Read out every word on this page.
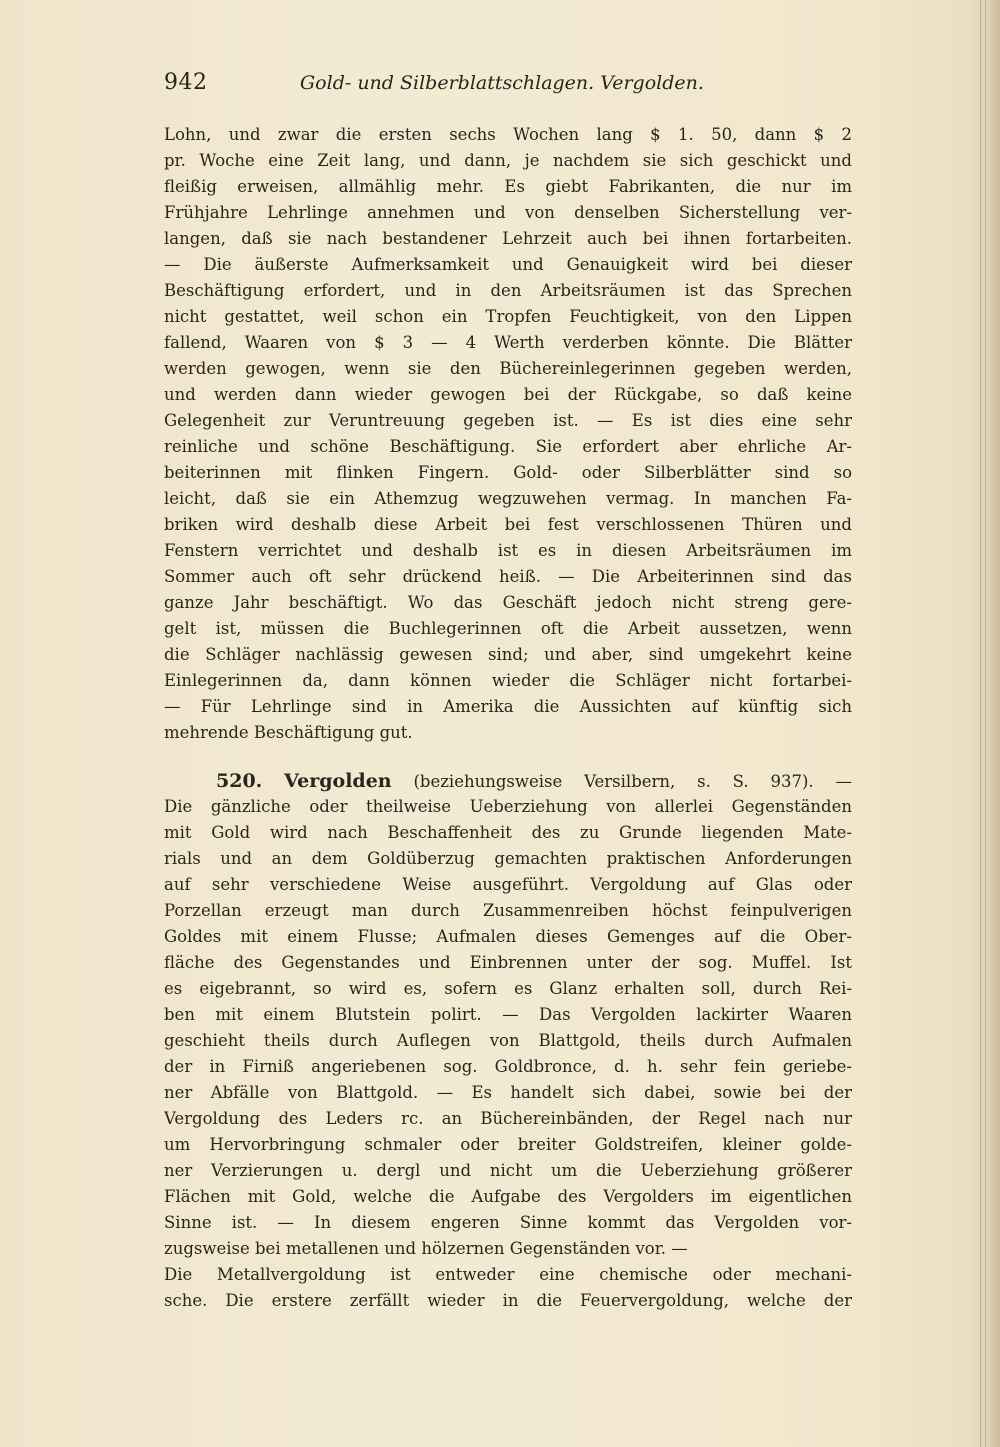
942	Gold- und Silberblattschlagen. Vergolden.
Lohn, und zwar die ersten sechs Wochen lang $ 1. 50, dann $ 2
pr. Woche eine Zeit lang, und dann, je nachdem sie sich geschickt und
fleißig erweisen, allmählig mehr. Es giebt Fabrikanten, die nur im
Frühjahre Lehrlinge annehmen und von denselben Sicherstellung ver-
langen, daß sie nach bestandener Lehrzeit auch bei ihnen fortarbeiten.
— Die äußerste Aufmerksamkeit und Genauigkeit wird bei dieser
Beschäftigung erfordert, und in den Arbeitsräumen ist das Sprechen
nicht gestattet, weil schon ein Tropfen Feuchtigkeit, von den Lippen
fallend, Waaren von $ 3 — 4 Werth verderben könnte. Die Blätter
werden gewogen, wenn sie den Büchereinlegerinnen gegeben werden,
und werden dann wieder gewogen bei der Rückgabe, so daß keine
Gelegenheit zur Veruntreuung gegeben ist. — Es ist dies eine sehr
reinliche und schöne Beschäftigung. Sie erfordert aber ehrliche Ar-
beiterinnen mit flinken Fingern. Gold- oder Silberblätter sind so
leicht, daß sie ein Athemzug wegzuwehen vermag. In manchen Fa-
briken wird deshalb diese Arbeit bei fest verschlossenen Thüren und
Fenstern verrichtet und deshalb ist es in diesen Arbeitsräumen im
Sommer auch oft sehr drückend heiß. — Die Arbeiterinnen sind das
ganze Jahr beschäftigt. Wo das Geschäft jedoch nicht streng gere-
gelt ist, müssen die Buchlegerinnen oft die Arbeit aussetzen, wenn
die Schläger nachlässig gewesen sind; und aber, sind umgekehrt keine
Einlegerinnen da, dann können wieder die Schläger nicht fortarbei-
— Für Lehrlinge sind in Amerika die Aussichten auf künftig sich
mehrende Beschäftigung gut.
520. Vergolden (beziehungsweise Versilbern, s. S. 937). —
Die gänzliche oder theilweise Ueberziehung von allerlei Gegenständen
mit Gold wird nach Beschaffenheit des zu Grunde liegenden Mate-
rials und an dem Goldüberzug gemachten praktischen Anforderungen
auf sehr verschiedene Weise ausgeführt. Vergoldung auf Glas oder
Porzellan erzeugt man durch Zusammenreiben höchst feinpulverigen
Goldes mit einem Flusse; Aufmalen dieses Gemenges auf die Ober-
fläche des Gegenstandes und Einbrennen unter der sog. Muffel. Ist
es eigebrannt, so wird es, sofern es Glanz erhalten soll, durch Rei-
ben mit einem Blutstein polirt. — Das Vergolden lackirter Waaren
geschieht theils durch Auflegen von Blattgold, theils durch Aufmalen
der in Firniß angeriebenen sog. Goldbronce, d. h. sehr fein geriebe-
ner Abfälle von Blattgold. — Es handelt sich dabei, sowie bei der
Vergoldung des Leders rc. an Büchereinbänden, der Regel nach nur
um Hervorbringung schmaler oder breiter Goldstreifen, kleiner golde-
ner Verzierungen u. dergl und nicht um die Ueberziehung größerer
Flächen mit Gold, welche die Aufgabe des Vergolders im eigentlichen
Sinne ist. — In diesem engeren Sinne kommt das Vergolden vor-
zugsweise bei metallenen und hölzernen Gegenständen vor. —
Die Metallvergoldung ist entweder eine chemische oder mechani-
sche. Die erstere zerfällt wieder in die Feuervergoldung, welche der
